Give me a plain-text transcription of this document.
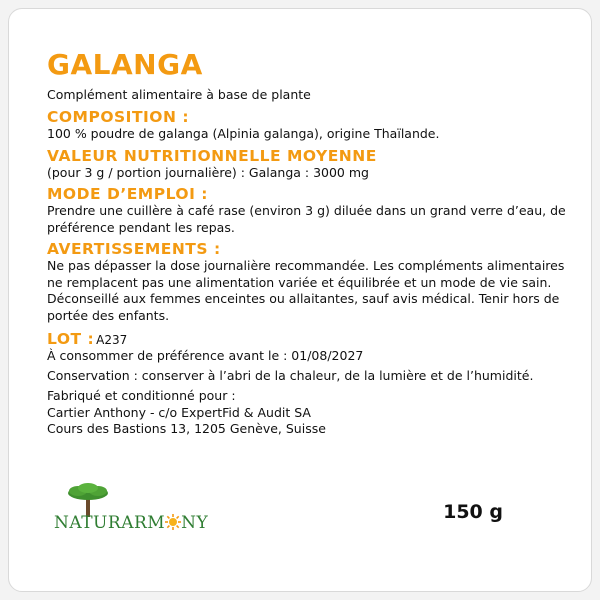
GALANGA
Complément alimentaire à base de plante
COMPOSITION :
100 % poudre de galanga (Alpinia galanga), origine Thaïlande.
VALEUR NUTRITIONNELLE MOYENNE
(pour 3 g / portion journalière) : Galanga : 3000 mg
MODE D’EMPLOI :
Prendre une cuillère à café rase (environ 3 g) diluée dans un grand verre d’eau, de préférence pendant les repas.
AVERTISSEMENTS :
Ne pas dépasser la dose journalière recommandée. Les compléments alimentaires ne remplacent pas une alimentation variée et équilibrée et un mode de vie sain. Déconseillé aux femmes enceintes ou allaitantes, sauf avis médical. Tenir hors de portée des enfants.
LOT : A237
À consommer de préférence avant le : 01/08/2027
Conservation : conserver à l’abri de la chaleur, de la lumière et de l’humidité.
Fabriqué et conditionné pour :
Cartier Anthony - c/o ExpertFid & Audit SA
Cours des Bastions 13, 1205 Genève, Suisse
NATURARM NY	150 g
